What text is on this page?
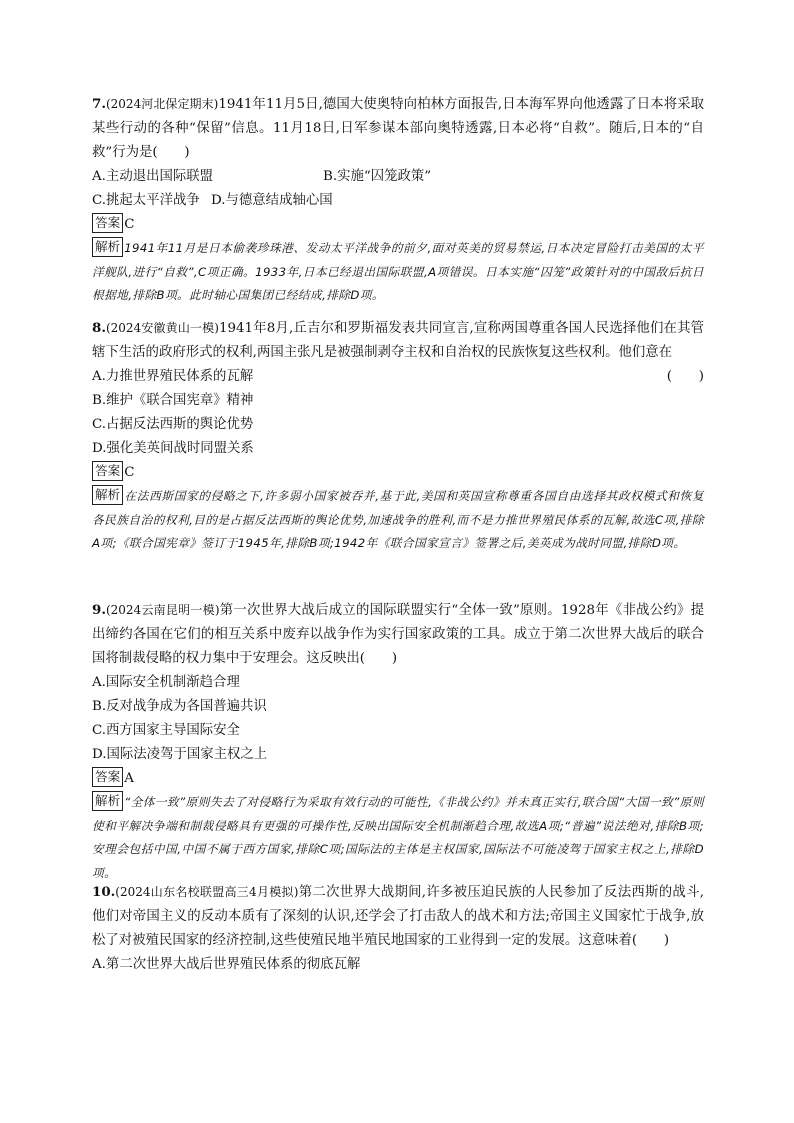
7.(2024河北保定期末)1941年11月5日,德国大使奥特向柏林方面报告,日本海军界向他透露了日本将采取某些行动的各种“保留”信息。11月18日,日军参谋本部向奥特透露,日本必将“自救”。随后,日本的“自救”行为是(　　)

A.主动退出国际联盟	B.实施“囚笼政策”
C.挑起太平洋战争 D.与德意结成轴心国
答案 C

解析 1941年11月是日本偷袭珍珠港、发动太平洋战争的前夕,面对英美的贸易禁运,日本决定冒险打击美国的太平洋舰队,进行“自救”,C项正确。1933年,日本已经退出国际联盟,A项错误。日本实施“囚笼”政策针对的中国敌后抗日根据地,排除B项。此时轴心国集团已经结成,排除D项。

8.(2024安徽黄山一模)1941年8月,丘吉尔和罗斯福发表共同宣言,宣称两国尊重各国人民选择他们在其管辖下生活的政府形式的权利,两国主张凡是被强制剥夺主权和自治权的民族恢复这些权利。他们意在
(　　)

A.力推世界殖民体系的瓦解
B.维护《联合国宪章》精神
C.占据反法西斯的舆论优势
D.强化美英间战时同盟关系
答案 C

解析 在法西斯国家的侵略之下,许多弱小国家被吞并,基于此,美国和英国宣称尊重各国自由选择其政权模式和恢复各民族自治的权利,目的是占据反法西斯的舆论优势,加速战争的胜利,而不是力推世界殖民体系的瓦解,故选C项,排除A项;《联合国宪章》签订于1945年,排除B项;1942年《联合国家宣言》签署之后,美英成为战时同盟,排除D项。

9.(2024云南昆明一模)第一次世界大战后成立的国际联盟实行“全体一致”原则。1928年《非战公约》提出缔约各国在它们的相互关系中废弃以战争作为实行国家政策的工具。成立于第二次世界大战后的联合国将制裁侵略的权力集中于安理会。这反映出(　　)

A.国际安全机制渐趋合理
B.反对战争成为各国普遍共识
C.西方国家主导国际安全
D.国际法凌驾于国家主权之上
答案 A

解析 “全体一致”原则失去了对侵略行为采取有效行动的可能性,《非战公约》并未真正实行,联合国“大国一致”原则使和平解决争端和制裁侵略具有更强的可操作性,反映出国际安全机制渐趋合理,故选A项;“普遍”说法绝对,排除B项;安理会包括中国,中国不属于西方国家,排除C项;国际法的主体是主权国家,国际法不可能凌驾于国家主权之上,排除D项。

10.(2024山东名校联盟高三4月模拟)第二次世界大战期间,许多被压迫民族的人民参加了反法西斯的战斗,他们对帝国主义的反动本质有了深刻的认识,还学会了打击敌人的战术和方法;帝国主义国家忙于战争,放松了对被殖民国家的经济控制,这些使殖民地半殖民地国家的工业得到一定的发展。这意味着(　　)

A.第二次世界大战后世界殖民体系的彻底瓦解
